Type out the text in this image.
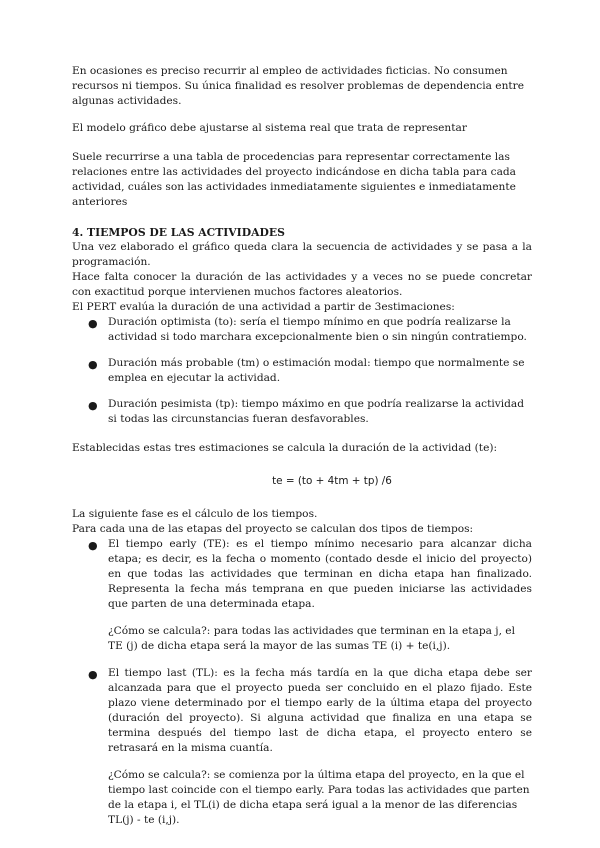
En ocasiones es preciso recurrir al empleo de actividades ficticias. No consumen recursos ni tiempos. Su única finalidad es resolver problemas de dependencia entre algunas actividades.

El modelo gráfico debe ajustarse al sistema real que trata de representar

Suele recurrirse a una tabla de procedencias para representar correctamente las relaciones entre las actividades del proyecto indicándose en dicha tabla para cada actividad, cuáles son las actividades inmediatamente siguientes e inmediatamente anteriores

4. TIEMPOS DE LAS ACTIVIDADES

Una vez elaborado el gráfico queda clara la secuencia de actividades y se pasa a la programación.

Hace falta conocer la duración de las actividades y a veces no se puede concretar con exactitud porque intervienen muchos factores aleatorios.

El PERT evalúa la duración de una actividad a partir de 3estimaciones:

● Duración optimista (to): sería el tiempo mínimo en que podría realizarse la actividad si todo marchara excepcionalmente bien o sin ningún contratiempo.
● Duración más probable (tm) o estimación modal: tiempo que normalmente se emplea en ejecutar la actividad.
● Duración pesimista (tp): tiempo máximo en que podría realizarse la actividad si todas las circunstancias fueran desfavorables.

Establecidas estas tres estimaciones se calcula la duración de la actividad (te):

te = (to + 4tm + tp) /6

La siguiente fase es el cálculo de los tiempos.

Para cada una de las etapas del proyecto se calculan dos tipos de tiempos:

● El tiempo early (TE): es el tiempo mínimo necesario para alcanzar dicha etapa; es decir, es la fecha o momento (contado desde el inicio del proyecto) en que todas las actividades que terminan en dicha etapa han finalizado. Representa la fecha más temprana en que pueden iniciarse las actividades que parten de una determinada etapa.

¿Cómo se calcula?: para todas las actividades que terminan en la etapa j, el TE (j) de dicha etapa será la mayor de las sumas TE (i) + te(i,j).

● El tiempo last (TL): es la fecha más tardía en la que dicha etapa debe ser alcanzada para que el proyecto pueda ser concluido en el plazo fijado. Este plazo viene determinado por el tiempo early de la última etapa del proyecto (duración del proyecto). Si alguna actividad que finaliza en una etapa se termina después del tiempo last de dicha etapa, el proyecto entero se retrasará en la misma cuantía.

¿Cómo se calcula?: se comienza por la última etapa del proyecto, en la que el tiempo last coincide con el tiempo early. Para todas las actividades que parten de la etapa i, el TL(i) de dicha etapa será igual a la menor de las diferencias TL(j) - te (i,j).
